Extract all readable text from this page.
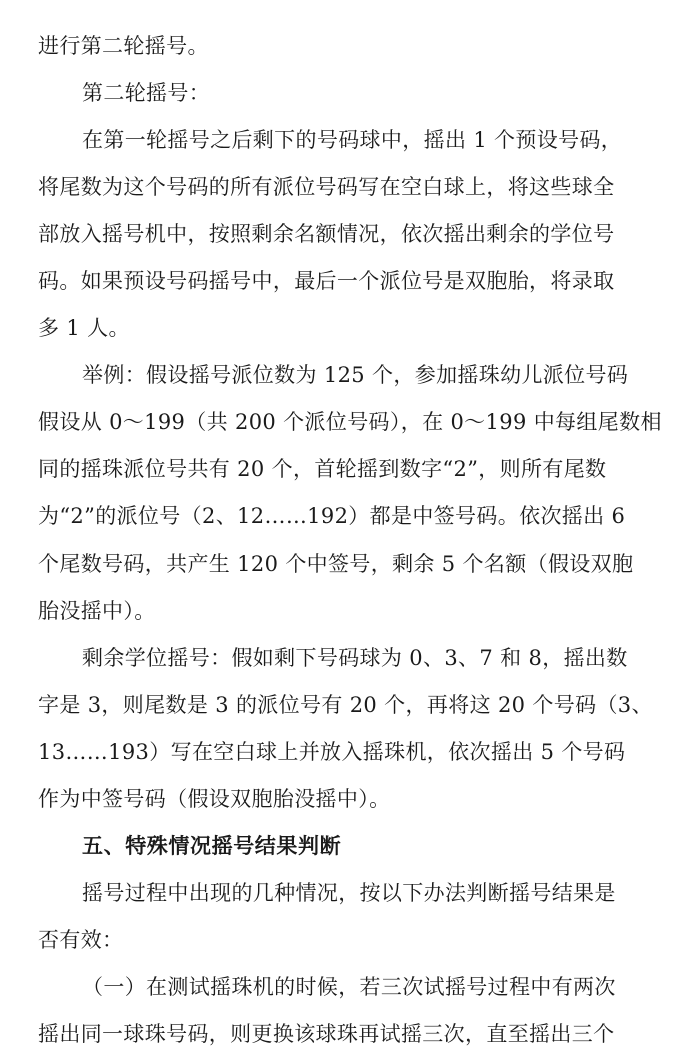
进行第二轮摇号。
第二轮摇号：
在第一轮摇号之后剩下的号码球中，摇出 1 个预设号码，
将尾数为这个号码的所有派位号码写在空白球上，将这些球全
部放入摇号机中，按照剩余名额情况，依次摇出剩余的学位号
码。如果预设号码摇号中，最后一个派位号是双胞胎，将录取
多 1 人。
举例：假设摇号派位数为 125 个，参加摇珠幼儿派位号码
假设从 0～199（共 200 个派位号码），在 0～199 中每组尾数相
同的摇珠派位号共有 20 个，首轮摇到数字“2”，则所有尾数
为“2”的派位号（2、12……192）都是中签号码。依次摇出 6
个尾数号码，共产生 120 个中签号，剩余 5 个名额（假设双胞
胎没摇中）。
剩余学位摇号：假如剩下号码球为 0、3、7 和 8，摇出数
字是 3，则尾数是 3 的派位号有 20 个，再将这 20 个号码（3、
13……193）写在空白球上并放入摇珠机，依次摇出 5 个号码
作为中签号码（假设双胞胎没摇中）。
五、特殊情况摇号结果判断
摇号过程中出现的几种情况，按以下办法判断摇号结果是
否有效：
（一）在测试摇珠机的时候，若三次试摇号过程中有两次
摇出同一球珠号码，则更换该球珠再试摇三次，直至摇出三个
